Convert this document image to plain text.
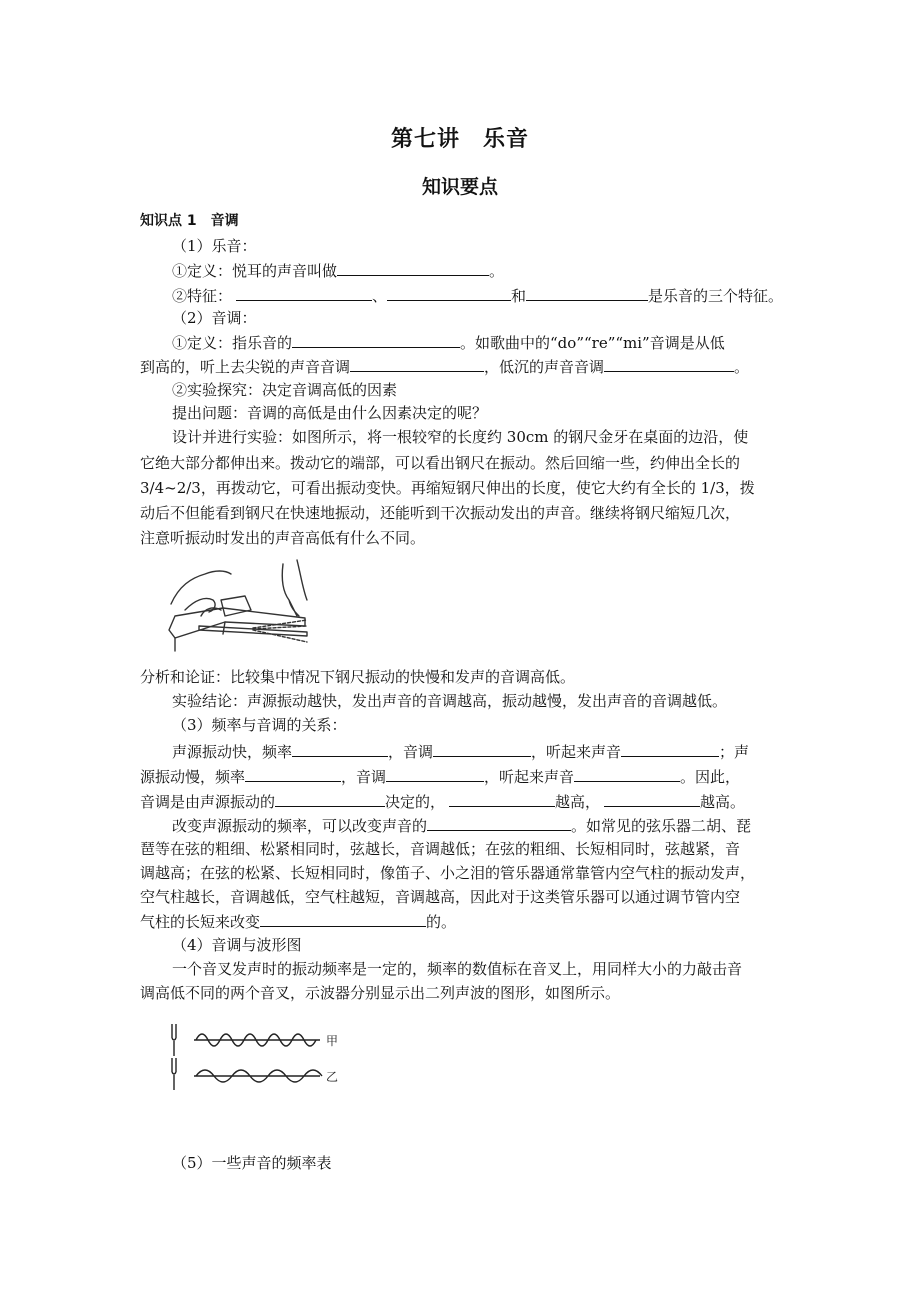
第七讲　乐音
知识要点
知识点 1　音调
（1）乐音：
①定义：悦耳的声音叫做	。
②特征：	、	和	是乐音的三个特征。
（2）音调：
①定义：指乐音的	。如歌曲中的“do”“re”“mi”音调是从低
到高的，听上去尖锐的声音音调	，低沉的声音音调	。
②实验探究：决定音调高低的因素
提出问题：音调的高低是由什么因素决定的呢？
设计并进行实验：如图所示，将一根较窄的长度约 30cm 的钢尺金牙在桌面的边沿，使
它绝大部分都伸出来。拨动它的端部，可以看出钢尺在振动。然后回缩一些，约伸出全长的
3/4~2/3，再拨动它，可看出振动变快。再缩短钢尺伸出的长度，使它大约有全长的 1/3，拨
动后不但能看到钢尺在快速地振动，还能听到干次振动发出的声音。继续将钢尺缩短几次，
注意听振动时发出的声音高低有什么不同。
分析和论证：比较集中情况下钢尺振动的快慢和发声的音调高低。
实验结论：声源振动越快，发出声音的音调越高，振动越慢，发出声音的音调越低。
（3）频率与音调的关系：
声源振动快，频率	，音调	，听起来声音	；声
源振动慢，频率	，音调	，听起来声音	。因此，
音调是由声源振动的	决定的，	越高，	越高。
改变声源振动的频率，可以改变声音的	。如常见的弦乐器二胡、琵
琶等在弦的粗细、松紧相同时，弦越长，音调越低；在弦的粗细、长短相同时，弦越紧，音
调越高；在弦的松紧、长短相同时，像笛子、小之泪的管乐器通常靠管内空气柱的振动发声，
空气柱越长，音调越低，空气柱越短，音调越高，因此对于这类管乐器可以通过调节管内空
气柱的长短来改变	的。
（4）音调与波形图
一个音叉发声时的振动频率是一定的，频率的数值标在音叉上，用同样大小的力敲击音
调高低不同的两个音叉，示波器分别显示出二列声波的图形，如图所示。
甲
乙
（5）一些声音的频率表
